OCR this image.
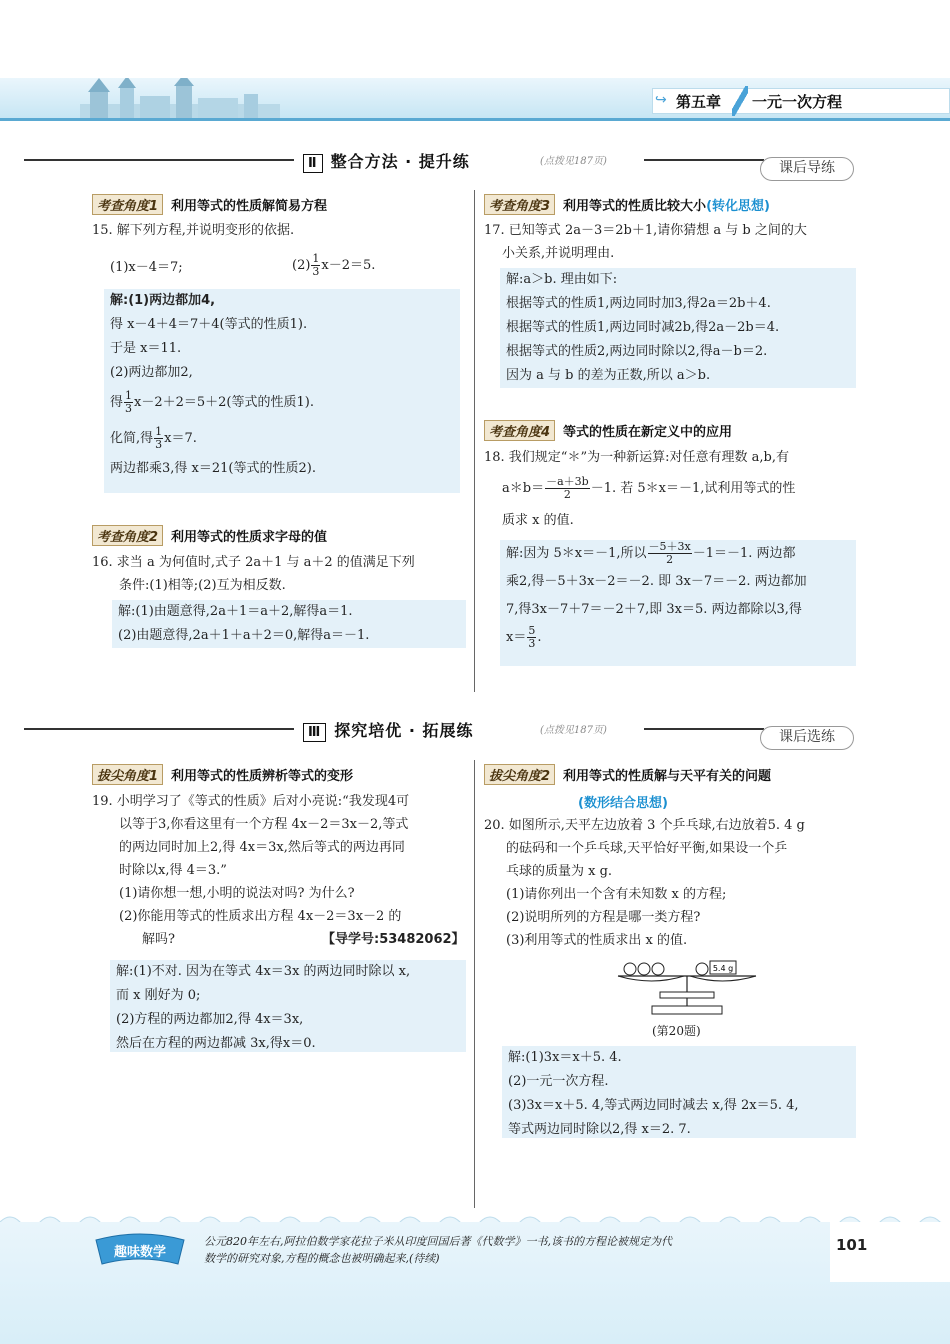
↪ 第五章 一元一次方程
Ⅱ 整合方法 · 提升练	(点拨见187页)	课后导练
考查角度1 利用等式的性质解简易方程
15. 解下列方程,并说明变形的依据.
(1)x－4＝7;	$(2) \frac{1}{3} x-2=5$.
解:(1)两边都加4,
得 x－4＋4＝7＋4(等式的性质1).
于是 x＝11.
(2)两边都加2,
得 $\frac{1}{3} x-2+2=5+2$(等式的性质1).
化简,得 $\frac{1}{3} x=7$.
两边都乘3,得 x＝21(等式的性质2).
考查角度2 利用等式的性质求字母的值
16. 求当 a 为何值时,式子 2a＋1 与 a＋2 的值满足下列
条件:(1)相等;(2)互为相反数.
解:(1)由题意得,2a＋1＝a＋2,解得a＝1.
(2)由题意得,2a＋1＋a＋2＝0,解得a＝－1.
考查角度3 利用等式的性质比较大小(转化思想)
17. 已知等式 2a－3＝2b＋1,请你猜想 a 与 b 之间的大
小关系,并说明理由.
解:a＞b. 理由如下:
根据等式的性质1,两边同时加3,得2a＝2b＋4.
根据等式的性质1,两边同时减2b,得2a－2b＝4.
根据等式的性质2,两边同时除以2,得a－b＝2.
因为 a 与 b 的差为正数,所以 a＞b.
考查角度4 等式的性质在新定义中的应用
18. 我们规定“＊”为一种新运算:对任意有理数 a,b,有
a＊b＝ $\frac{-a+3b}{2} -1$. 若 5＊x＝－1,试利用等式的性
质求 x 的值.
解:因为 5＊x＝－1,所以 $\frac{-5+3x}{2} -1=-1$. 两边都
乘2,得－5＋3x－2＝－2. 即 3x－7＝－2. 两边都加
7,得3x－7＋7＝－2＋7,即 3x＝5. 两边都除以3,得
$x= \frac{5}{3}$ .
Ⅲ 探究培优 · 拓展练	(点拨见187页)	课后选练
拔尖角度1 利用等式的性质辨析等式的变形
19. 小明学习了《等式的性质》后对小亮说:“我发现4可
以等于3,你看这里有一个方程 4x－2＝3x－2,等式
的两边同时加上2,得 4x＝3x,然后等式的两边再同
时除以x,得 4＝3.”
(1)请你想一想,小明的说法对吗? 为什么?
(2)你能用等式的性质求出方程 4x－2＝3x－2 的
解吗?	【导学号:53482062】
解:(1)不对. 因为在等式 4x＝3x 的两边同时除以 x,
而 x 刚好为 0;
(2)方程的两边都加2,得 4x＝3x,
然后在方程的两边都减 3x,得x＝0.
拔尖角度2 利用等式的性质解与天平有关的问题
(数形结合思想)
20. 如图所示,天平左边放着 3 个乒乓球,右边放着5. 4 g
的砝码和一个乒乓球,天平恰好平衡,如果设一个乒
乓球的质量为 x g.
(1)请你列出一个含有未知数 x 的方程;
(2)说明所列的方程是哪一类方程?
(3)利用等式的性质求出 x 的值.
5.4 g
(第20题)
解:(1)3x＝x＋5. 4.
(2)一元一次方程.
(3)3x＝x＋5. 4,等式两边同时减去 x,得 2x＝5. 4,
等式两边同时除以2,得 x＝2. 7.
趣味数学
公元820年左右,阿拉伯数学家花拉子米从印度回国后著《代数学》一书,该书的方程论被规定为代
数学的研究对象,方程的概念也被明确起来,(待续)
101
